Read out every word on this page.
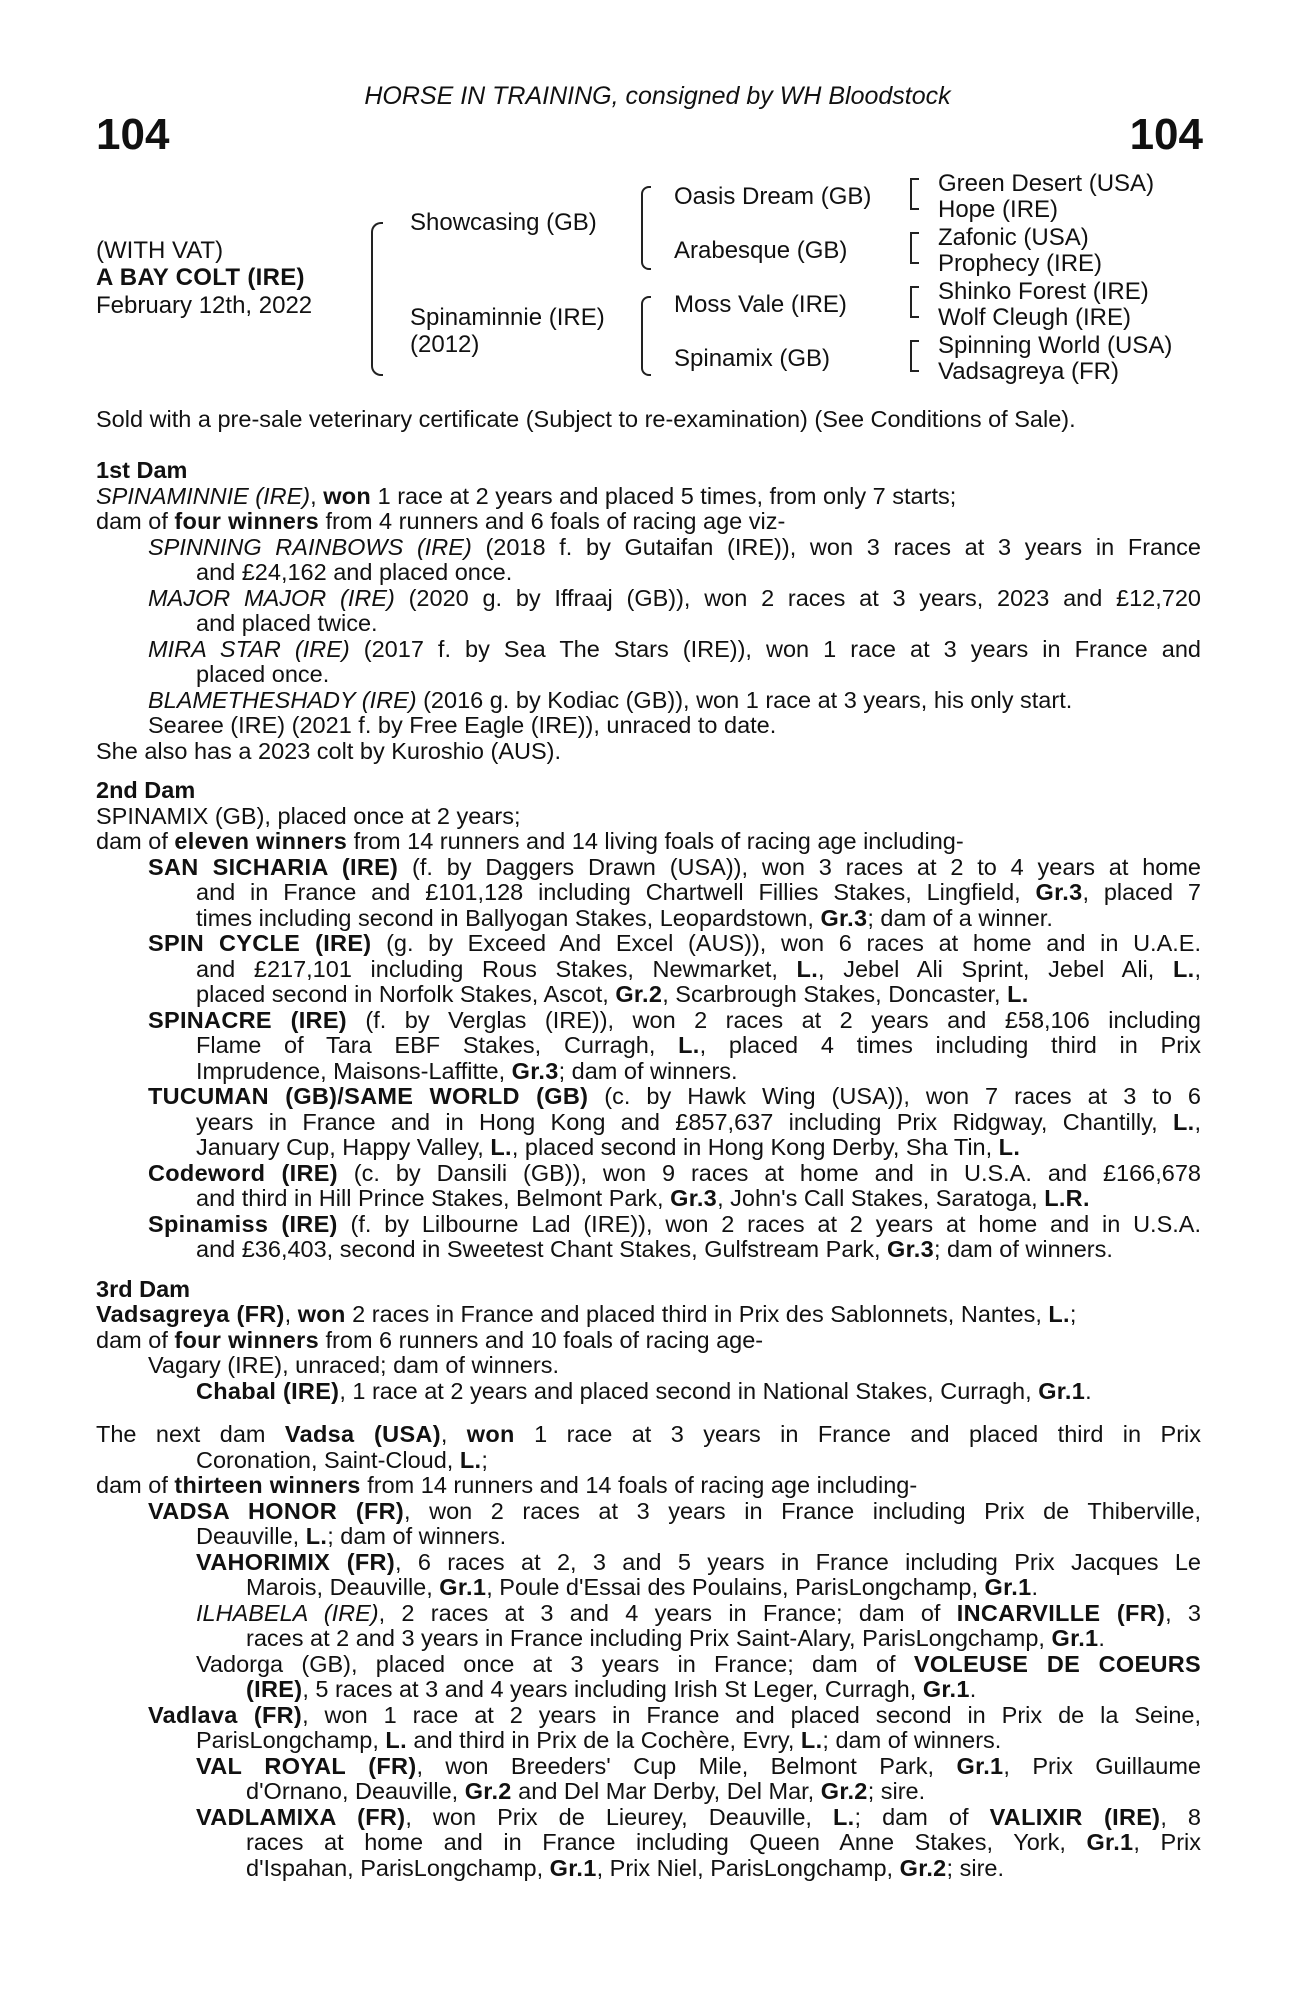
HORSE IN TRAINING, consigned by WH Bloodstock
104	104
(WITH VAT)
A BAY COLT (IRE)
February 12th, 2022
Showcasing (GB)
Spinaminnie (IRE)
(2012)
Oasis Dream (GB)
Arabesque (GB)
Moss Vale (IRE)
Spinamix (GB)
Green Desert (USA)
Hope (IRE)
Zafonic (USA)
Prophecy (IRE)
Shinko Forest (IRE)
Wolf Cleugh (IRE)
Spinning World (USA)
Vadsagreya (FR)
Sold with a pre-sale veterinary certificate (Subject to re-examination) (See Conditions of Sale).
1st Dam
SPINAMINNIE (IRE), won 1 race at 2 years and placed 5 times, from only 7 starts;
dam of four winners from 4 runners and 6 foals of racing age viz-
SPINNING RAINBOWS (IRE) (2018 f. by Gutaifan (IRE)), won 3 races at 3 years in France
and £24,162 and placed once.
MAJOR MAJOR (IRE) (2020 g. by Iffraaj (GB)), won 2 races at 3 years, 2023 and £12,720
and placed twice.
MIRA STAR (IRE) (2017 f. by Sea The Stars (IRE)), won 1 race at 3 years in France and
placed once.
BLAMETHESHADY (IRE) (2016 g. by Kodiac (GB)), won 1 race at 3 years, his only start.
Searee (IRE) (2021 f. by Free Eagle (IRE)), unraced to date.
She also has a 2023 colt by Kuroshio (AUS).
2nd Dam
SPINAMIX (GB), placed once at 2 years;
dam of eleven winners from 14 runners and 14 living foals of racing age including-
SAN SICHARIA (IRE) (f. by Daggers Drawn (USA)), won 3 races at 2 to 4 years at home
and in France and £101,128 including Chartwell Fillies Stakes, Lingfield, Gr.3, placed 7
times including second in Ballyogan Stakes, Leopardstown, Gr.3; dam of a winner.
SPIN CYCLE (IRE) (g. by Exceed And Excel (AUS)), won 6 races at home and in U.A.E.
and £217,101 including Rous Stakes, Newmarket, L., Jebel Ali Sprint, Jebel Ali, L.,
placed second in Norfolk Stakes, Ascot, Gr.2, Scarbrough Stakes, Doncaster, L.
SPINACRE (IRE) (f. by Verglas (IRE)), won 2 races at 2 years and £58,106 including
Flame of Tara EBF Stakes, Curragh, L., placed 4 times including third in Prix
Imprudence, Maisons-Laffitte, Gr.3; dam of winners.
TUCUMAN (GB)/SAME WORLD (GB) (c. by Hawk Wing (USA)), won 7 races at 3 to 6
years in France and in Hong Kong and £857,637 including Prix Ridgway, Chantilly, L.,
January Cup, Happy Valley, L., placed second in Hong Kong Derby, Sha Tin, L.
Codeword (IRE) (c. by Dansili (GB)), won 9 races at home and in U.S.A. and £166,678
and third in Hill Prince Stakes, Belmont Park, Gr.3, John's Call Stakes, Saratoga, L.R.
Spinamiss (IRE) (f. by Lilbourne Lad (IRE)), won 2 races at 2 years at home and in U.S.A.
and £36,403, second in Sweetest Chant Stakes, Gulfstream Park, Gr.3; dam of winners.
3rd Dam
Vadsagreya (FR), won 2 races in France and placed third in Prix des Sablonnets, Nantes, L.;
dam of four winners from 6 runners and 10 foals of racing age-
Vagary (IRE), unraced; dam of winners.
Chabal (IRE), 1 race at 2 years and placed second in National Stakes, Curragh, Gr.1.
The next dam Vadsa (USA), won 1 race at 3 years in France and placed third in Prix
Coronation, Saint-Cloud, L.;
dam of thirteen winners from 14 runners and 14 foals of racing age including-
VADSA HONOR (FR), won 2 races at 3 years in France including Prix de Thiberville,
Deauville, L.; dam of winners.
VAHORIMIX (FR), 6 races at 2, 3 and 5 years in France including Prix Jacques Le
Marois, Deauville, Gr.1, Poule d'Essai des Poulains, ParisLongchamp, Gr.1.
ILHABELA (IRE), 2 races at 3 and 4 years in France; dam of INCARVILLE (FR), 3
races at 2 and 3 years in France including Prix Saint-Alary, ParisLongchamp, Gr.1.
Vadorga (GB), placed once at 3 years in France; dam of VOLEUSE DE COEURS
(IRE), 5 races at 3 and 4 years including Irish St Leger, Curragh, Gr.1.
Vadlava (FR), won 1 race at 2 years in France and placed second in Prix de la Seine,
ParisLongchamp, L. and third in Prix de la Cochère, Evry, L.; dam of winners.
VAL ROYAL (FR), won Breeders' Cup Mile, Belmont Park, Gr.1, Prix Guillaume
d'Ornano, Deauville, Gr.2 and Del Mar Derby, Del Mar, Gr.2; sire.
VADLAMIXA (FR), won Prix de Lieurey, Deauville, L.; dam of VALIXIR (IRE), 8
races at home and in France including Queen Anne Stakes, York, Gr.1, Prix
d'Ispahan, ParisLongchamp, Gr.1, Prix Niel, ParisLongchamp, Gr.2; sire.
